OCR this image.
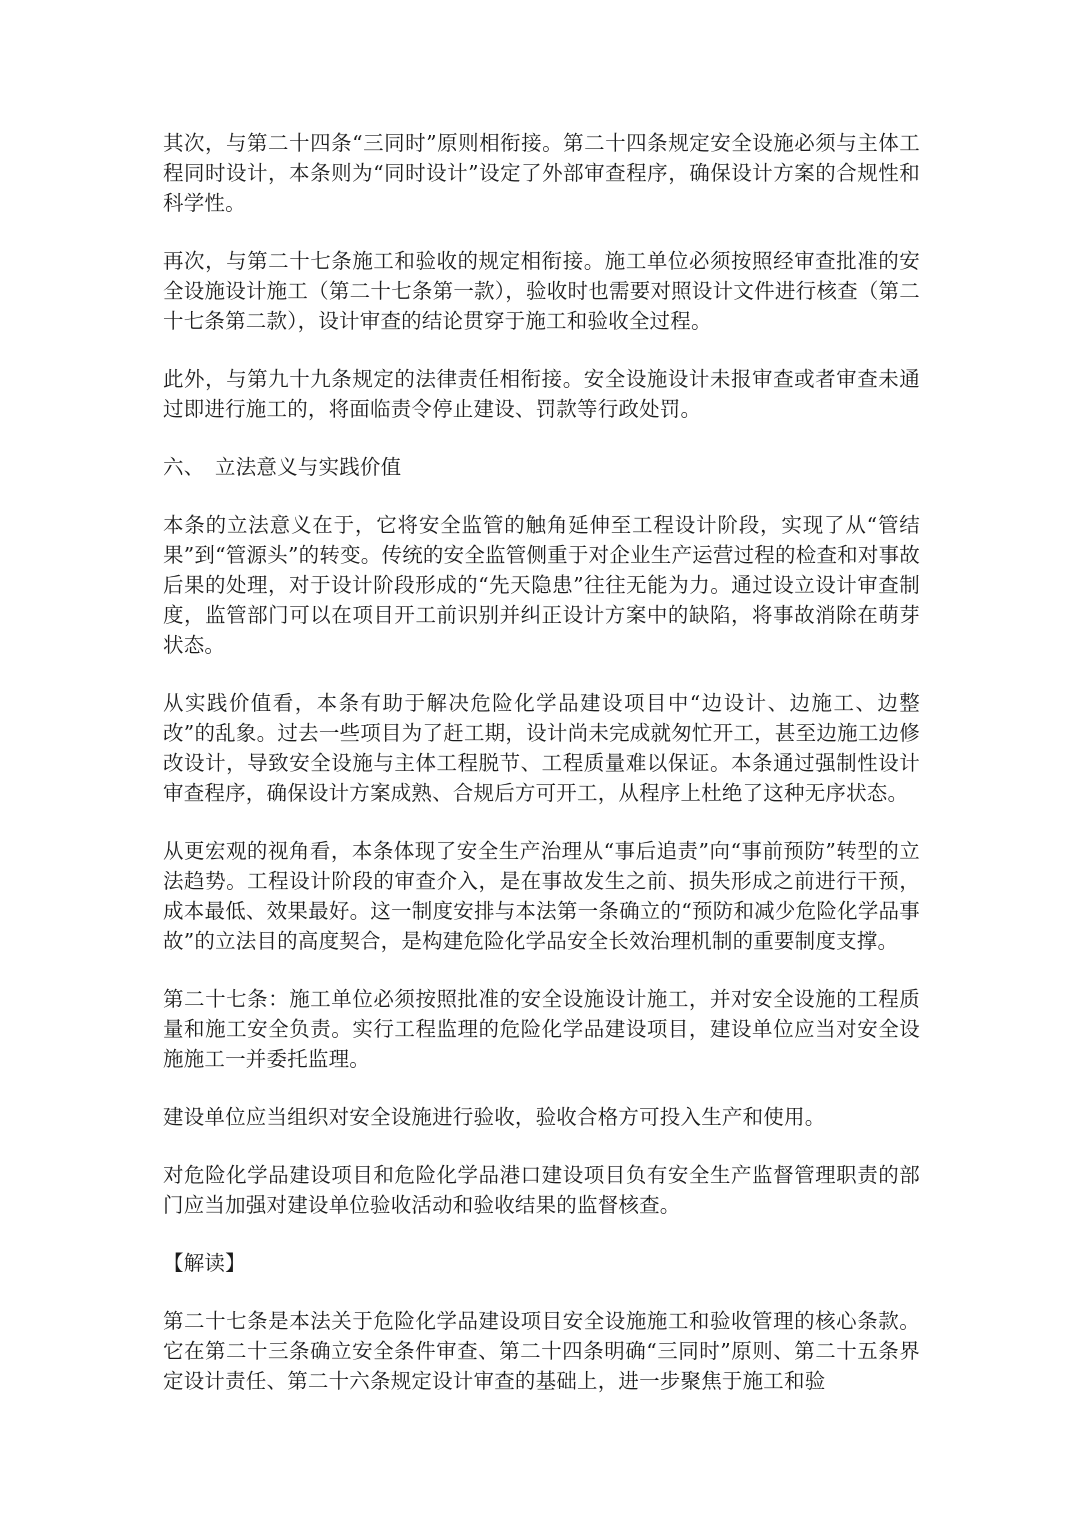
其次，与第二十四条“三同时”原则相衔接。第二十四条规定安全设施必须与主体工程同时设计，本条则为“同时设计”设定了外部审查程序，确保设计方案的合规性和科学性。

再次，与第二十七条施工和验收的规定相衔接。施工单位必须按照经审查批准的安全设施设计施工（第二十七条第一款），验收时也需要对照设计文件进行核查（第二十七条第二款），设计审查的结论贯穿于施工和验收全过程。

此外，与第九十九条规定的法律责任相衔接。安全设施设计未报审查或者审查未通过即进行施工的，将面临责令停止建设、罚款等行政处罚。

六、 立法意义与实践价值

本条的立法意义在于，它将安全监管的触角延伸至工程设计阶段，实现了从“管结果”到“管源头”的转变。传统的安全监管侧重于对企业生产运营过程的检查和对事故后果的处理，对于设计阶段形成的“先天隐患”往往无能为力。通过设立设计审查制度，监管部门可以在项目开工前识别并纠正设计方案中的缺陷，将事故消除在萌芽状态。

从实践价值看，本条有助于解决危险化学品建设项目中“边设计、边施工、边整改”的乱象。过去一些项目为了赶工期，设计尚未完成就匆忙开工，甚至边施工边修改设计，导致安全设施与主体工程脱节、工程质量难以保证。本条通过强制性设计审查程序，确保设计方案成熟、合规后方可开工，从程序上杜绝了这种无序状态。

从更宏观的视角看，本条体现了安全生产治理从“事后追责”向“事前预防”转型的立法趋势。工程设计阶段的审查介入，是在事故发生之前、损失形成之前进行干预，成本最低、效果最好。这一制度安排与本法第一条确立的“预防和减少危险化学品事故”的立法目的高度契合，是构建危险化学品安全长效治理机制的重要制度支撑。

第二十七条：施工单位必须按照批准的安全设施设计施工，并对安全设施的工程质量和施工安全负责。实行工程监理的危险化学品建设项目，建设单位应当对安全设施施工一并委托监理。

建设单位应当组织对安全设施进行验收，验收合格方可投入生产和使用。

对危险化学品建设项目和危险化学品港口建设项目负有安全生产监督管理职责的部门应当加强对建设单位验收活动和验收结果的监督核查。

【解读】

第二十七条是本法关于危险化学品建设项目安全设施施工和验收管理的核心条款。它在第二十三条确立安全条件审查、第二十四条明确“三同时”原则、第二十五条界定设计责任、第二十六条规定设计审查的基础上，进一步聚焦于施工和验
